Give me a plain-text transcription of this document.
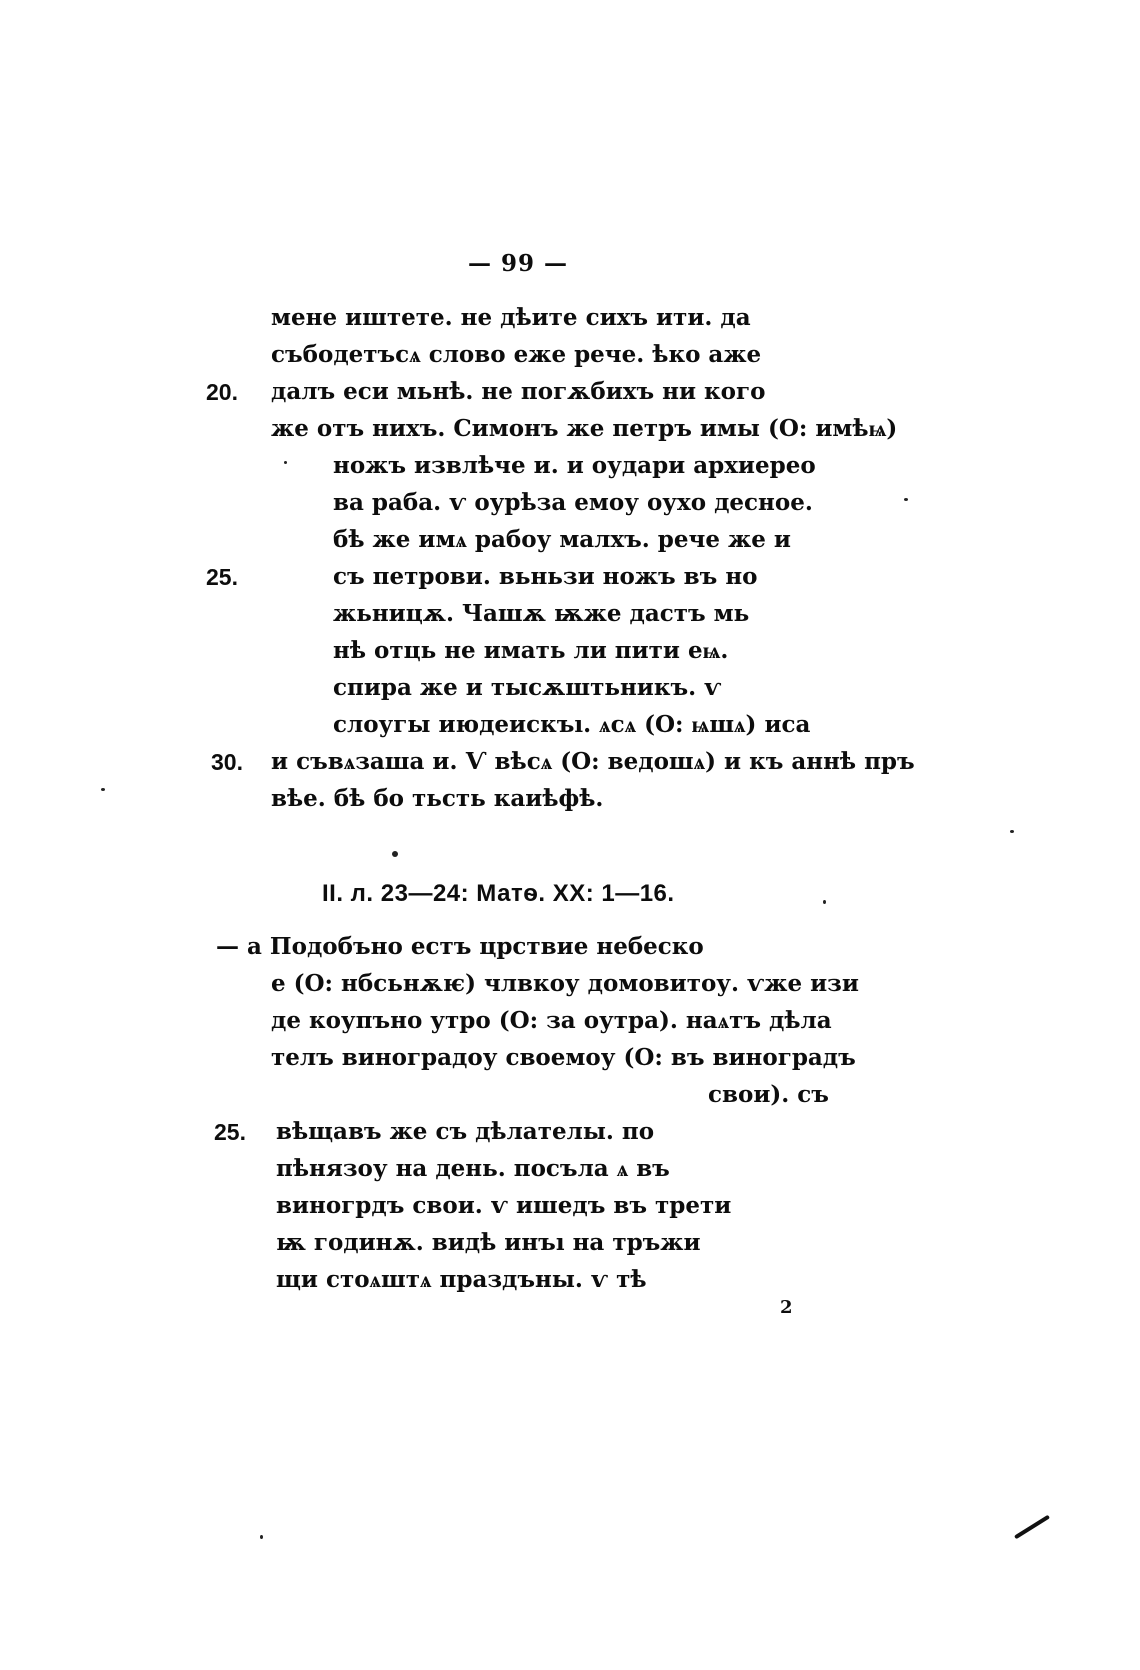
— 99 —
мене иштете. не дѣите сихъ ити. да
събодетъсѧ слово еже рече. ѣко аже
20. далъ еси мьнѣ. не погѫбихъ ни кого
же отъ нихъ. Симонъ же петръ имы (О: имѣѩ)
ножъ извлѣче и. и оудари архиерео
ва раба. ѵ оурѣза емоу оухо десное.
бѣ же имѧ рабоу малхъ. рече же и
25.	съ петрови. вьньзи ножъ въ но
жьницѫ. Чашѫ ѭже дастъ мь
нѣ отць не имать ли пити еѩ.
спира же и тысѫштьникъ. ѵ
слоугы июдеискъı. ѧсѧ (О: ѩшѧ) иса
30. и съвѧзаша и. Ѵ вѣсѧ (О: ведошѧ) и къ аннѣ пръ
вѣе. бѣ бо тьсть каиѣфѣ.
II. л. 23—24: Матѳ. XX: 1—16.
— а Подобъно естъ црствие небеско
е (О: нбсьнѫѥ) члвкоу домовитоу. ѵже изи
де коупъно утро (О: за оутра). наѧтъ дѣла
телъ виноградоу своемоу (О: въ виноградъ
свои). съ
25. вѣщавъ же съ дѣлателы. по
пѣнязоу на день. посъла ѧ въ
виногрдъ свои. ѵ ишедъ въ трети
ѭ годинѫ. видѣ инъı на тръжи
щи стоѧштѧ праздъны. ѵ тѣ
2
